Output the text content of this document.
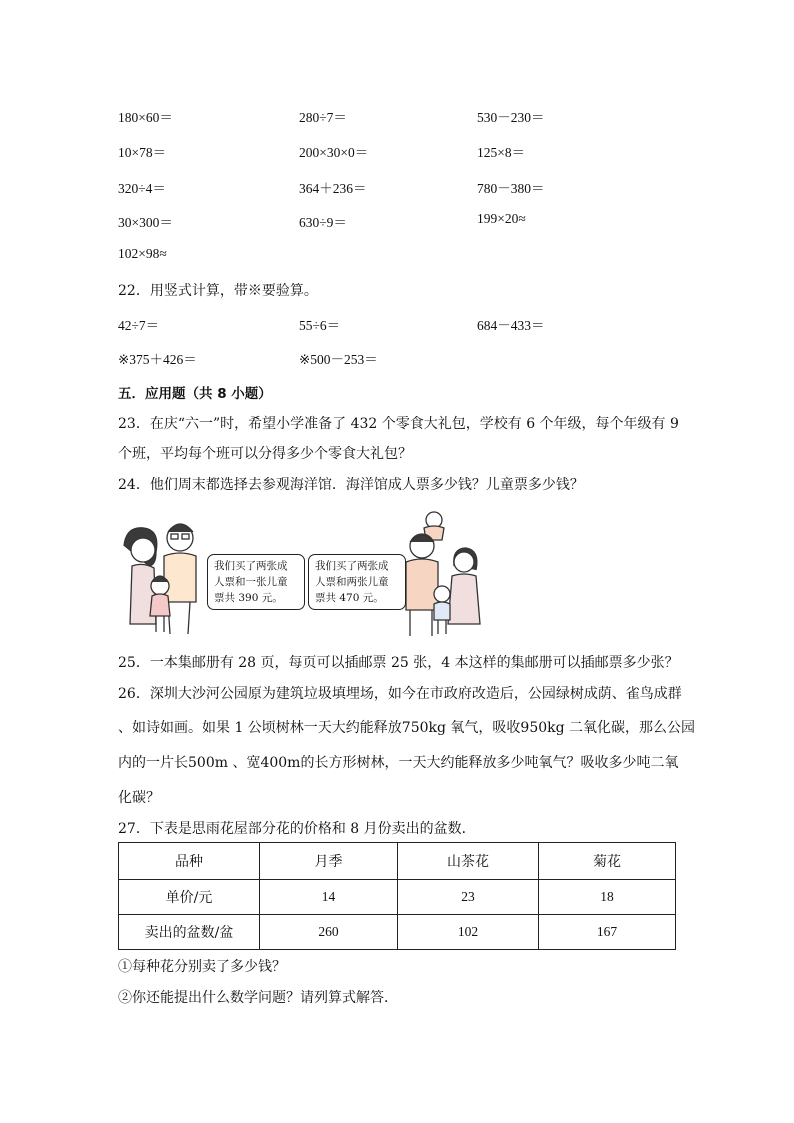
180×60＝	280÷7＝	530－230＝
10×78＝	200×30×0＝	125×8＝
320÷4＝	364＋236＝	780－380＝
30×300＝	630÷9＝	199×20≈
102×98≈
22．用竖式计算，带※要验算。
42÷7＝	55÷6＝	684－433＝
※375＋426＝	※500－253＝
五．应用题（共 8 小题）
23．在庆“六一”时，希望小学准备了 432 个零食大礼包，学校有 6 个年级，每个年级有 9
个班，平均每个班可以分得多少个零食大礼包？
24．他们周末都选择去参观海洋馆．海洋馆成人票多少钱？儿童票多少钱？
我们买了两张成
人票和一张儿童
票共 390 元。
我们买了两张成
人票和两张儿童
票共 470 元。
25．一本集邮册有 28 页，每页可以插邮票 25 张，4 本这样的集邮册可以插邮票多少张？
26．深圳大沙河公园原为建筑垃圾填埋场，如今在市政府改造后，公园绿树成荫、雀鸟成群
、如诗如画。如果 1 公顷树林一天大约能释放750kg 氧气，吸收950kg 二氧化碳，那么公园
内的一片长500m 、宽400m的长方形树林，一天大约能释放多少吨氧气？吸收多少吨二氧
化碳？
27．下表是思雨花屋部分花的价格和 8 月份卖出的盆数．
品种	月季	山茶花	菊花
单价/元	14	23	18
卖出的盆数/盆	260	102	167
①每种花分别卖了多少钱？
②你还能提出什么数学问题？请列算式解答．
